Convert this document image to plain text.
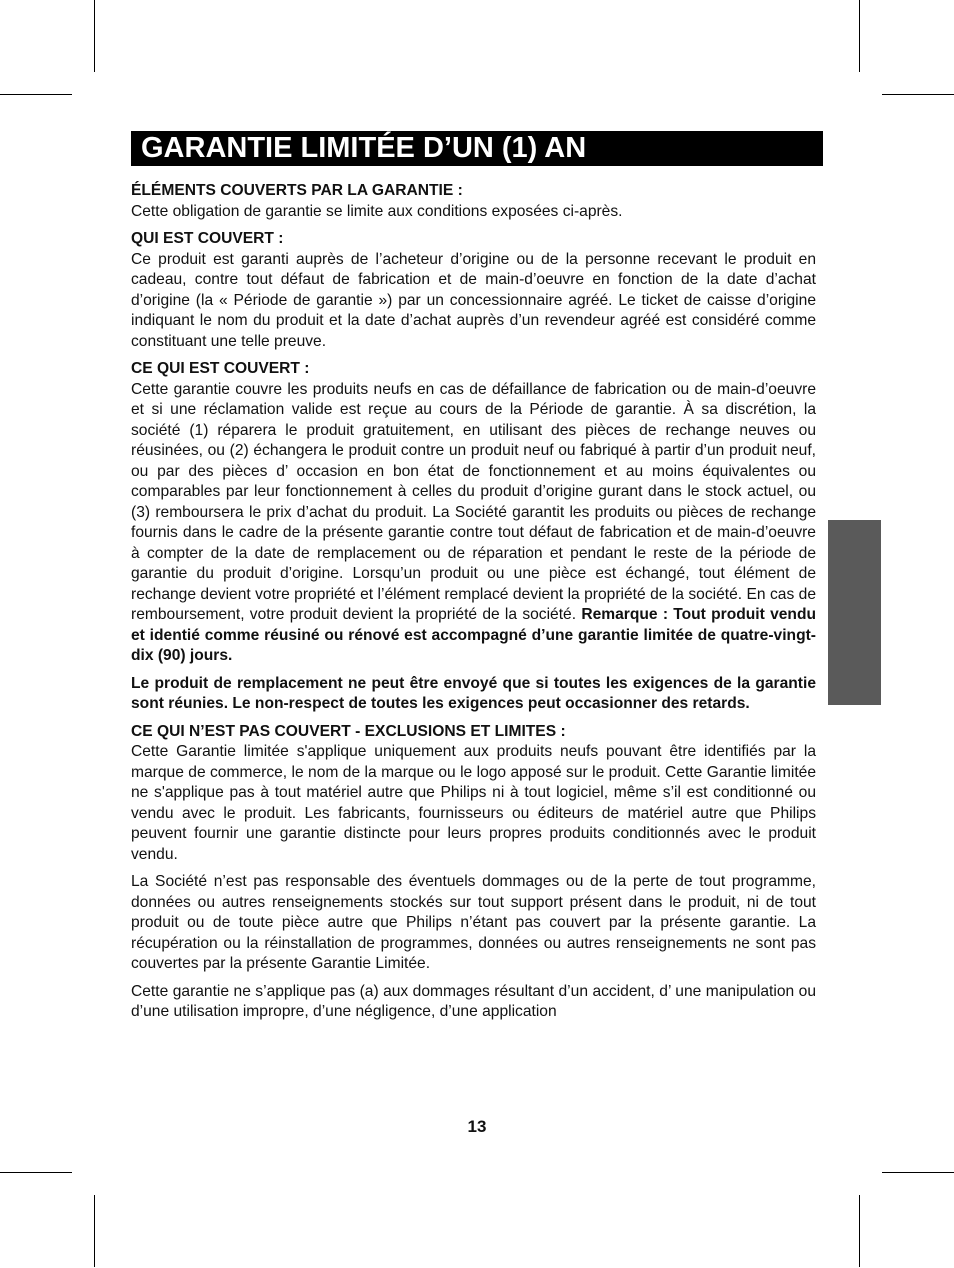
GARANTIE LIMITÉE D’UN (1) AN
ÉLÉMENTS COUVERTS PAR LA GARANTIE :

Cette obligation de garantie se limite aux conditions exposées ci-après.

QUI EST COUVERT :

Ce produit est garanti auprès de l’acheteur d’origine ou de la personne recevant le produit en cadeau, contre tout défaut de fabrication et de main-d’oeuvre en fonction de la date d’achat d’origine (la « Période de garantie ») par un concessionnaire agréé. Le ticket de caisse d’origine indiquant le nom du produit et la date d’achat auprès d’un revendeur agréé est considéré comme constituant une telle preuve.

CE QUI EST COUVERT :

Cette garantie couvre les produits neufs en cas de défaillance de fabrication ou de main-d’oeuvre et si une réclamation valide est reçue au cours de la Période de garantie. À sa discrétion, la société (1) réparera le produit gratuitement, en utilisant des pièces de rechange neuves ou réusinées, ou (2) échangera le produit contre un produit neuf ou fabriqué à partir d’un produit neuf, ou par des pièces d’ occasion en bon état de fonctionnement et au moins équivalentes ou comparables par leur fonctionnement à celles du produit d’origine gurant dans le stock actuel, ou (3) remboursera le prix d’achat du produit. La Société garantit les produits ou pièces de rechange fournis dans le cadre de la présente garantie contre tout défaut de fabrication et de main-d’oeuvre à compter de la date de remplacement ou de réparation et pendant le reste de la période de garantie du produit d’origine. Lorsqu’un produit ou une pièce est échangé, tout élément de rechange devient votre propriété et l’élément remplacé devient la propriété de la société. En cas de remboursement, votre produit devient la propriété de la société. Remarque : Tout produit vendu et identié comme réusiné ou rénové est accompagné d’une garantie limitée de quatre-vingt-dix (90) jours.

Le produit de remplacement ne peut être envoyé que si toutes les exigences de la garantie sont réunies. Le non-respect de toutes les exigences peut occasionner des retards.

CE QUI N’EST PAS COUVERT - EXCLUSIONS ET LIMITES :

Cette Garantie limitée s'applique uniquement aux produits neufs pouvant être identifiés par la marque de commerce, le nom de la marque ou le logo apposé sur le produit. Cette Garantie limitée ne s'applique pas à tout matériel autre que Philips ni à tout logiciel, même s’il est conditionné ou vendu avec le produit. Les fabricants, fournisseurs ou éditeurs de matériel autre que Philips peuvent fournir une garantie distincte pour leurs propres produits conditionnés avec le produit vendu.

La Société n’est pas responsable des éventuels dommages ou de la perte de tout programme, données ou autres renseignements stockés sur tout support présent dans le produit, ni de tout produit ou de toute pièce autre que Philips n’étant pas couvert par la présente garantie. La récupération ou la réinstallation de programmes, données ou autres renseignements ne sont pas couvertes par la présente Garantie Limitée.

Cette garantie ne s’applique pas (a) aux dommages résultant d’un accident, d’ une manipulation ou d’une utilisation impropre, d’une négligence, d’une application

13
